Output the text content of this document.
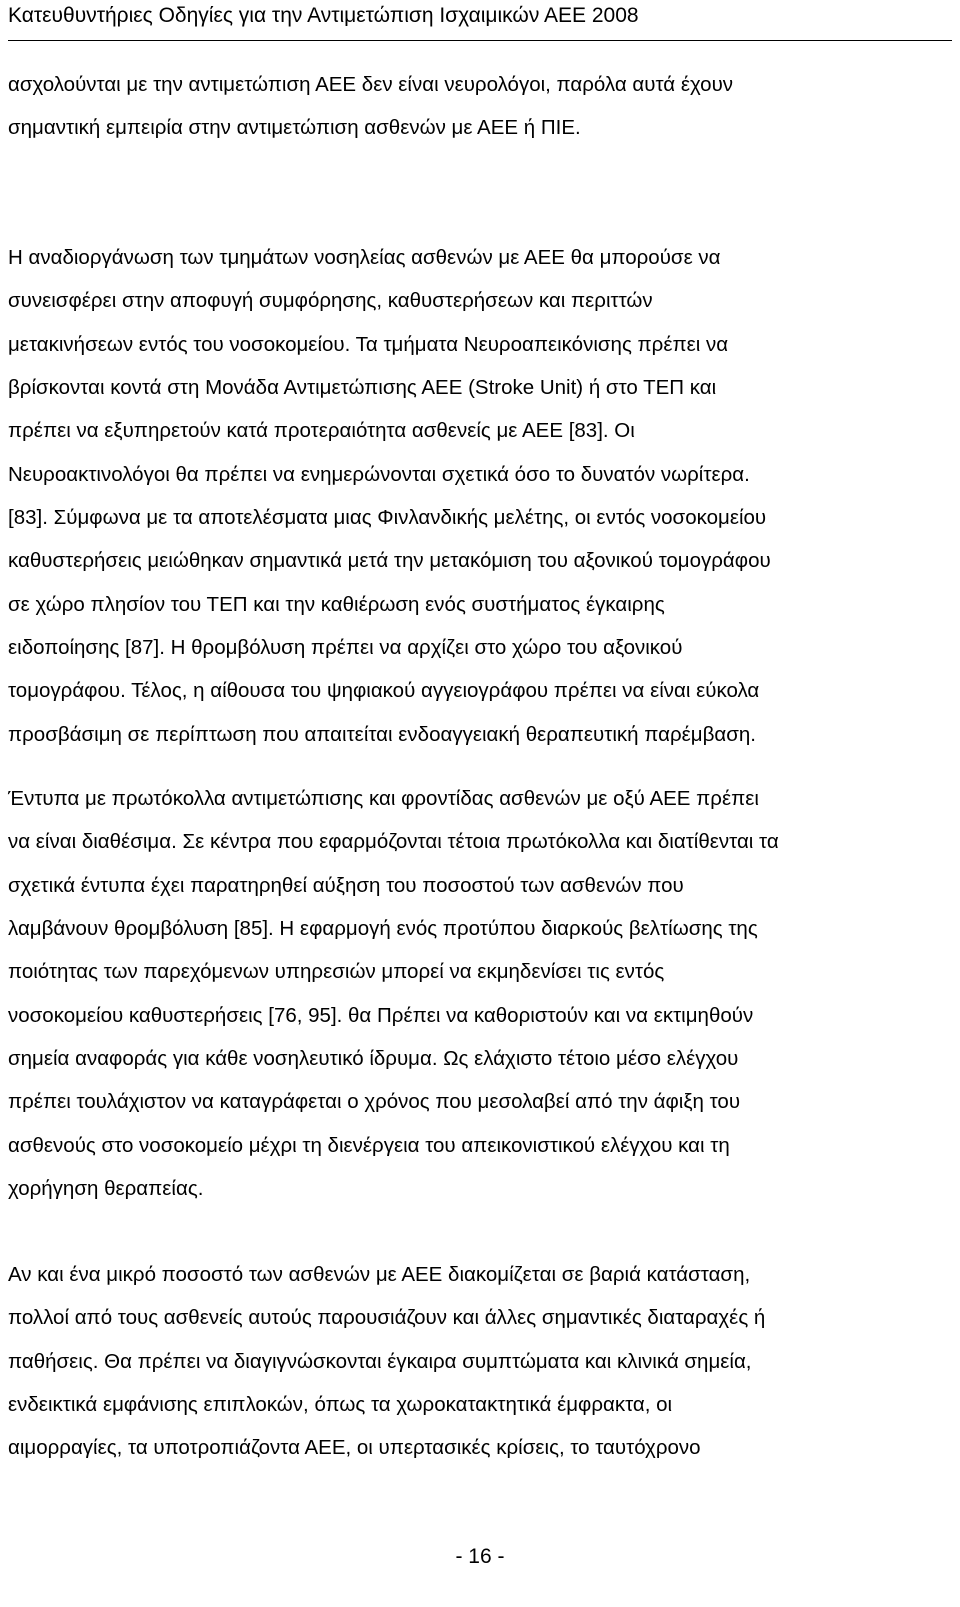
Κατευθυντήριες Οδηγίες για την Αντιμετώπιση Ισχαιμικών ΑΕΕ 2008
ασχολούνται με την αντιμετώπιση ΑΕΕ δεν είναι νευρολόγοι, παρόλα αυτά έχουν
σημαντική εμπειρία στην αντιμετώπιση ασθενών με ΑΕΕ ή ΠΙΕ.
Η αναδιοργάνωση των τμημάτων νοσηλείας ασθενών με ΑΕΕ θα μπορούσε να
συνεισφέρει στην αποφυγή συμφόρησης, καθυστερήσεων και περιττών
μετακινήσεων εντός του νοσοκομείου. Τα τμήματα Νευροαπεικόνισης πρέπει να
βρίσκονται κοντά στη Μονάδα Αντιμετώπισης ΑΕΕ (Stroke Unit) ή στο ΤΕΠ και
πρέπει να εξυπηρετούν κατά προτεραιότητα ασθενείς με ΑΕΕ [83]. Οι
Νευροακτινολόγοι θα πρέπει να ενημερώνονται σχετικά όσο το δυνατόν νωρίτερα.
[83]. Σύμφωνα με τα αποτελέσματα μιας Φινλανδικής μελέτης, οι εντός νοσοκομείου
καθυστερήσεις μειώθηκαν σημαντικά μετά την μετακόμιση του αξονικού τομογράφου
σε χώρο πλησίον του ΤΕΠ και την καθιέρωση ενός συστήματος έγκαιρης
ειδοποίησης [87]. Η θρομβόλυση πρέπει να αρχίζει στο χώρο του αξονικού
τομογράφου. Τέλος, η αίθουσα του ψηφιακού αγγειογράφου πρέπει να είναι εύκολα
προσβάσιμη σε περίπτωση που απαιτείται ενδοαγγειακή θεραπευτική παρέμβαση.
Έντυπα με πρωτόκολλα αντιμετώπισης και φροντίδας ασθενών με οξύ ΑΕΕ πρέπει
να είναι διαθέσιμα. Σε κέντρα που εφαρμόζονται τέτοια πρωτόκολλα και διατίθενται τα
σχετικά έντυπα έχει παρατηρηθεί αύξηση του ποσοστού των ασθενών που
λαμβάνουν θρομβόλυση [85]. Η εφαρμογή ενός προτύπου διαρκούς βελτίωσης της
ποιότητας των παρεχόμενων υπηρεσιών μπορεί να εκμηδενίσει τις εντός
νοσοκομείου καθυστερήσεις [76, 95]. θα Πρέπει να καθοριστούν και να εκτιμηθούν
σημεία αναφοράς για κάθε νοσηλευτικό ίδρυμα. Ως ελάχιστο τέτοιο μέσο ελέγχου
πρέπει τουλάχιστον να καταγράφεται ο χρόνος που μεσολαβεί από την άφιξη του
ασθενούς στο νοσοκομείο μέχρι τη διενέργεια του απεικονιστικού ελέγχου και τη
χορήγηση θεραπείας.
Αν και ένα μικρό ποσοστό των ασθενών με ΑΕΕ διακομίζεται σε βαριά κατάσταση,
πολλοί από τους ασθενείς αυτούς παρουσιάζουν και άλλες σημαντικές διαταραχές ή
παθήσεις. Θα πρέπει να διαγιγνώσκονται έγκαιρα συμπτώματα και κλινικά σημεία,
ενδεικτικά εμφάνισης επιπλοκών, όπως τα χωροκατακτητικά έμφρακτα, οι
αιμορραγίες, τα υποτροπιάζοντα ΑΕΕ, οι υπερτασικές κρίσεις, το ταυτόχρονο
- 16 -
